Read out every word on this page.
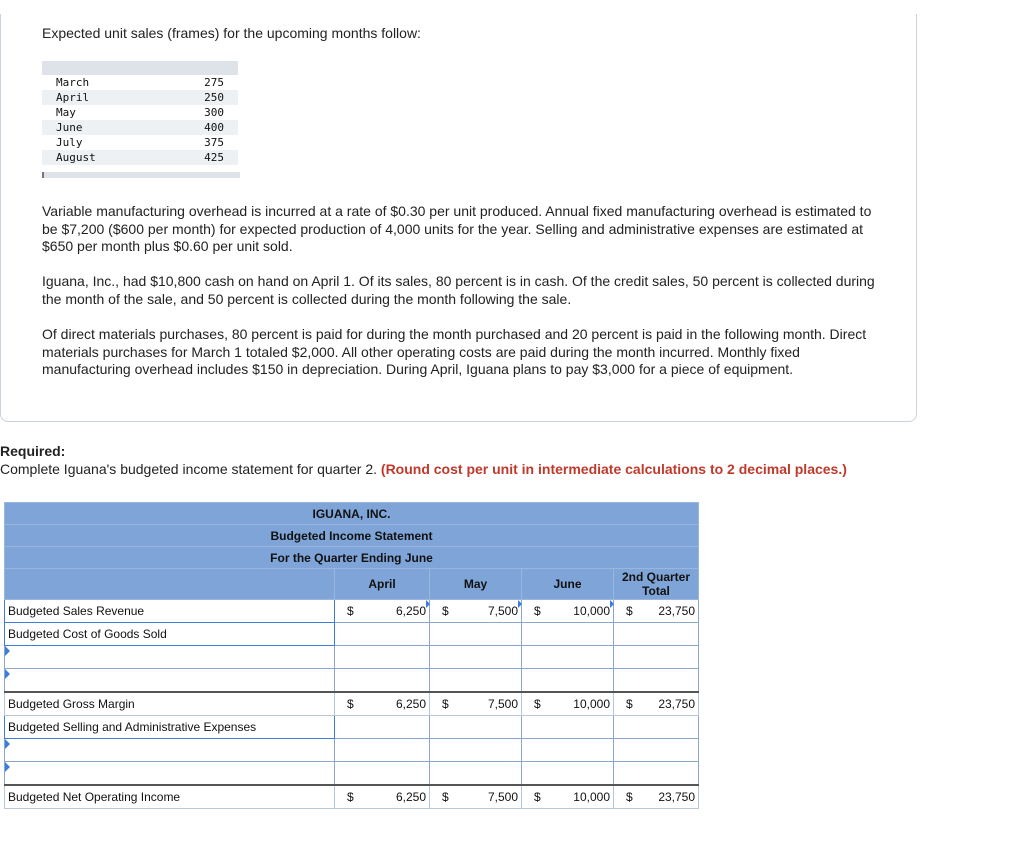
Expected unit sales (frames) for the upcoming months follow:

March	275
April	250
May	300
June	400
July	375
August	425

Variable manufacturing overhead is incurred at a rate of $0.30 per unit produced. Annual fixed manufacturing overhead is estimated to be $7,200 ($600 per month) for expected production of 4,000 units for the year. Selling and administrative expenses are estimated at $650 per month plus $0.60 per unit sold.

Iguana, Inc., had $10,800 cash on hand on April 1. Of its sales, 80 percent is in cash. Of the credit sales, 50 percent is collected during the month of the sale, and 50 percent is collected during the month following the sale.

Of direct materials purchases, 80 percent is paid for during the month purchased and 20 percent is paid in the following month. Direct materials purchases for March 1 totaled $2,000. All other operating costs are paid during the month incurred. Monthly fixed manufacturing overhead includes $150 in depreciation. During April, Iguana plans to pay $3,000 for a piece of equipment.

Required:
Complete Iguana's budgeted income statement for quarter 2. (Round cost per unit in intermediate calculations to 2 decimal places.)
IGUANA, INC.				
Budgeted Income Statement				
For the Quarter Ending June				
	April	May	June	2nd Quarter
Total
Budgeted Sales Revenue	$ 6,250	$ 7,500	$ 10,000	$ 23,750

Budgeted Cost of Goods Sold				

Budgeted Gross Margin	$ 6,250	$ 7,500	$ 10,000	$ 23,750

Budgeted Selling and Administrative Expenses				

Budgeted Net Operating Income	$ 6,250	$ 7,500	$ 10,000	$ 23,750
